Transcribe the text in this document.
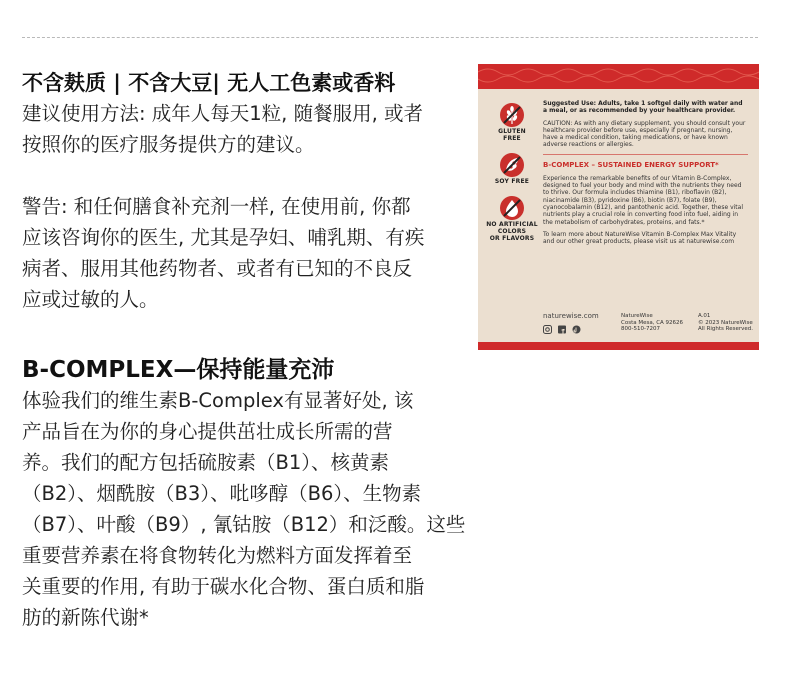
不含麸质 | 不含大豆| 无人工色素或香料

建议使用方法: 成年人每天1粒, 随餐服用, 或者

按照你的医疗服务提供方的建议。

警告: 和任何膳食补充剂一样, 在使用前, 你都

应该咨询你的医生, 尤其是孕妇、哺乳期、有疾

病者、服用其他药物者、或者有已知的不良反

应或过敏的人。

B-COMPLEX—保持能量充沛

体验我们的维生素B-Complex有显著好处, 该

产品旨在为你的身心提供茁壮成长所需的营

养。我们的配方包括硫胺素（B1）、核黄素

（B2）、烟酰胺（B3）、吡哆醇（B6）、生物素

（B7）、叶酸（B9）, 氰钴胺（B12）和泛酸。这些

重要营养素在将食物转化为燃料方面发挥着至

关重要的作用, 有助于碳水化合物、蛋白质和脂

肪的新陈代谢*

GLUTEN
FREE
SOY FREE
NO ARTIFICIAL
COLORS
OR FLAVORS

Suggested Use: Adults, take 1 softgel daily with water and a meal, or as recommended by your healthcare provider.

CAUTION: As with any dietary supplement, you should consult your healthcare provider before use, especially if pregnant, nursing, have a medical condition, taking medications, or have known adverse reactions or allergies.

B-COMPLEX – SUSTAINED ENERGY SUPPORT*

Experience the remarkable benefits of our Vitamin B-Complex, designed to fuel your body and mind with the nutrients they need to thrive. Our formula includes thiamine (B1), riboflavin (B2), niacinamide (B3), pyridoxine (B6), biotin (B7), folate (B9), cyanocobalamin (B12), and pantothenic acid. Together, these vital nutrients play a crucial role in converting food into fuel, aiding in the metabolism of carbohydrates, proteins, and fats.*

To learn more about NatureWise Vitamin B-Complex Max Vitality and our other great products, please visit us at naturewise.com

naturewise.com	NatureWise
Costa Mesa, CA 92626
800-510-7207
A.01
© 2023 NatureWise
All Rights Reserved.
